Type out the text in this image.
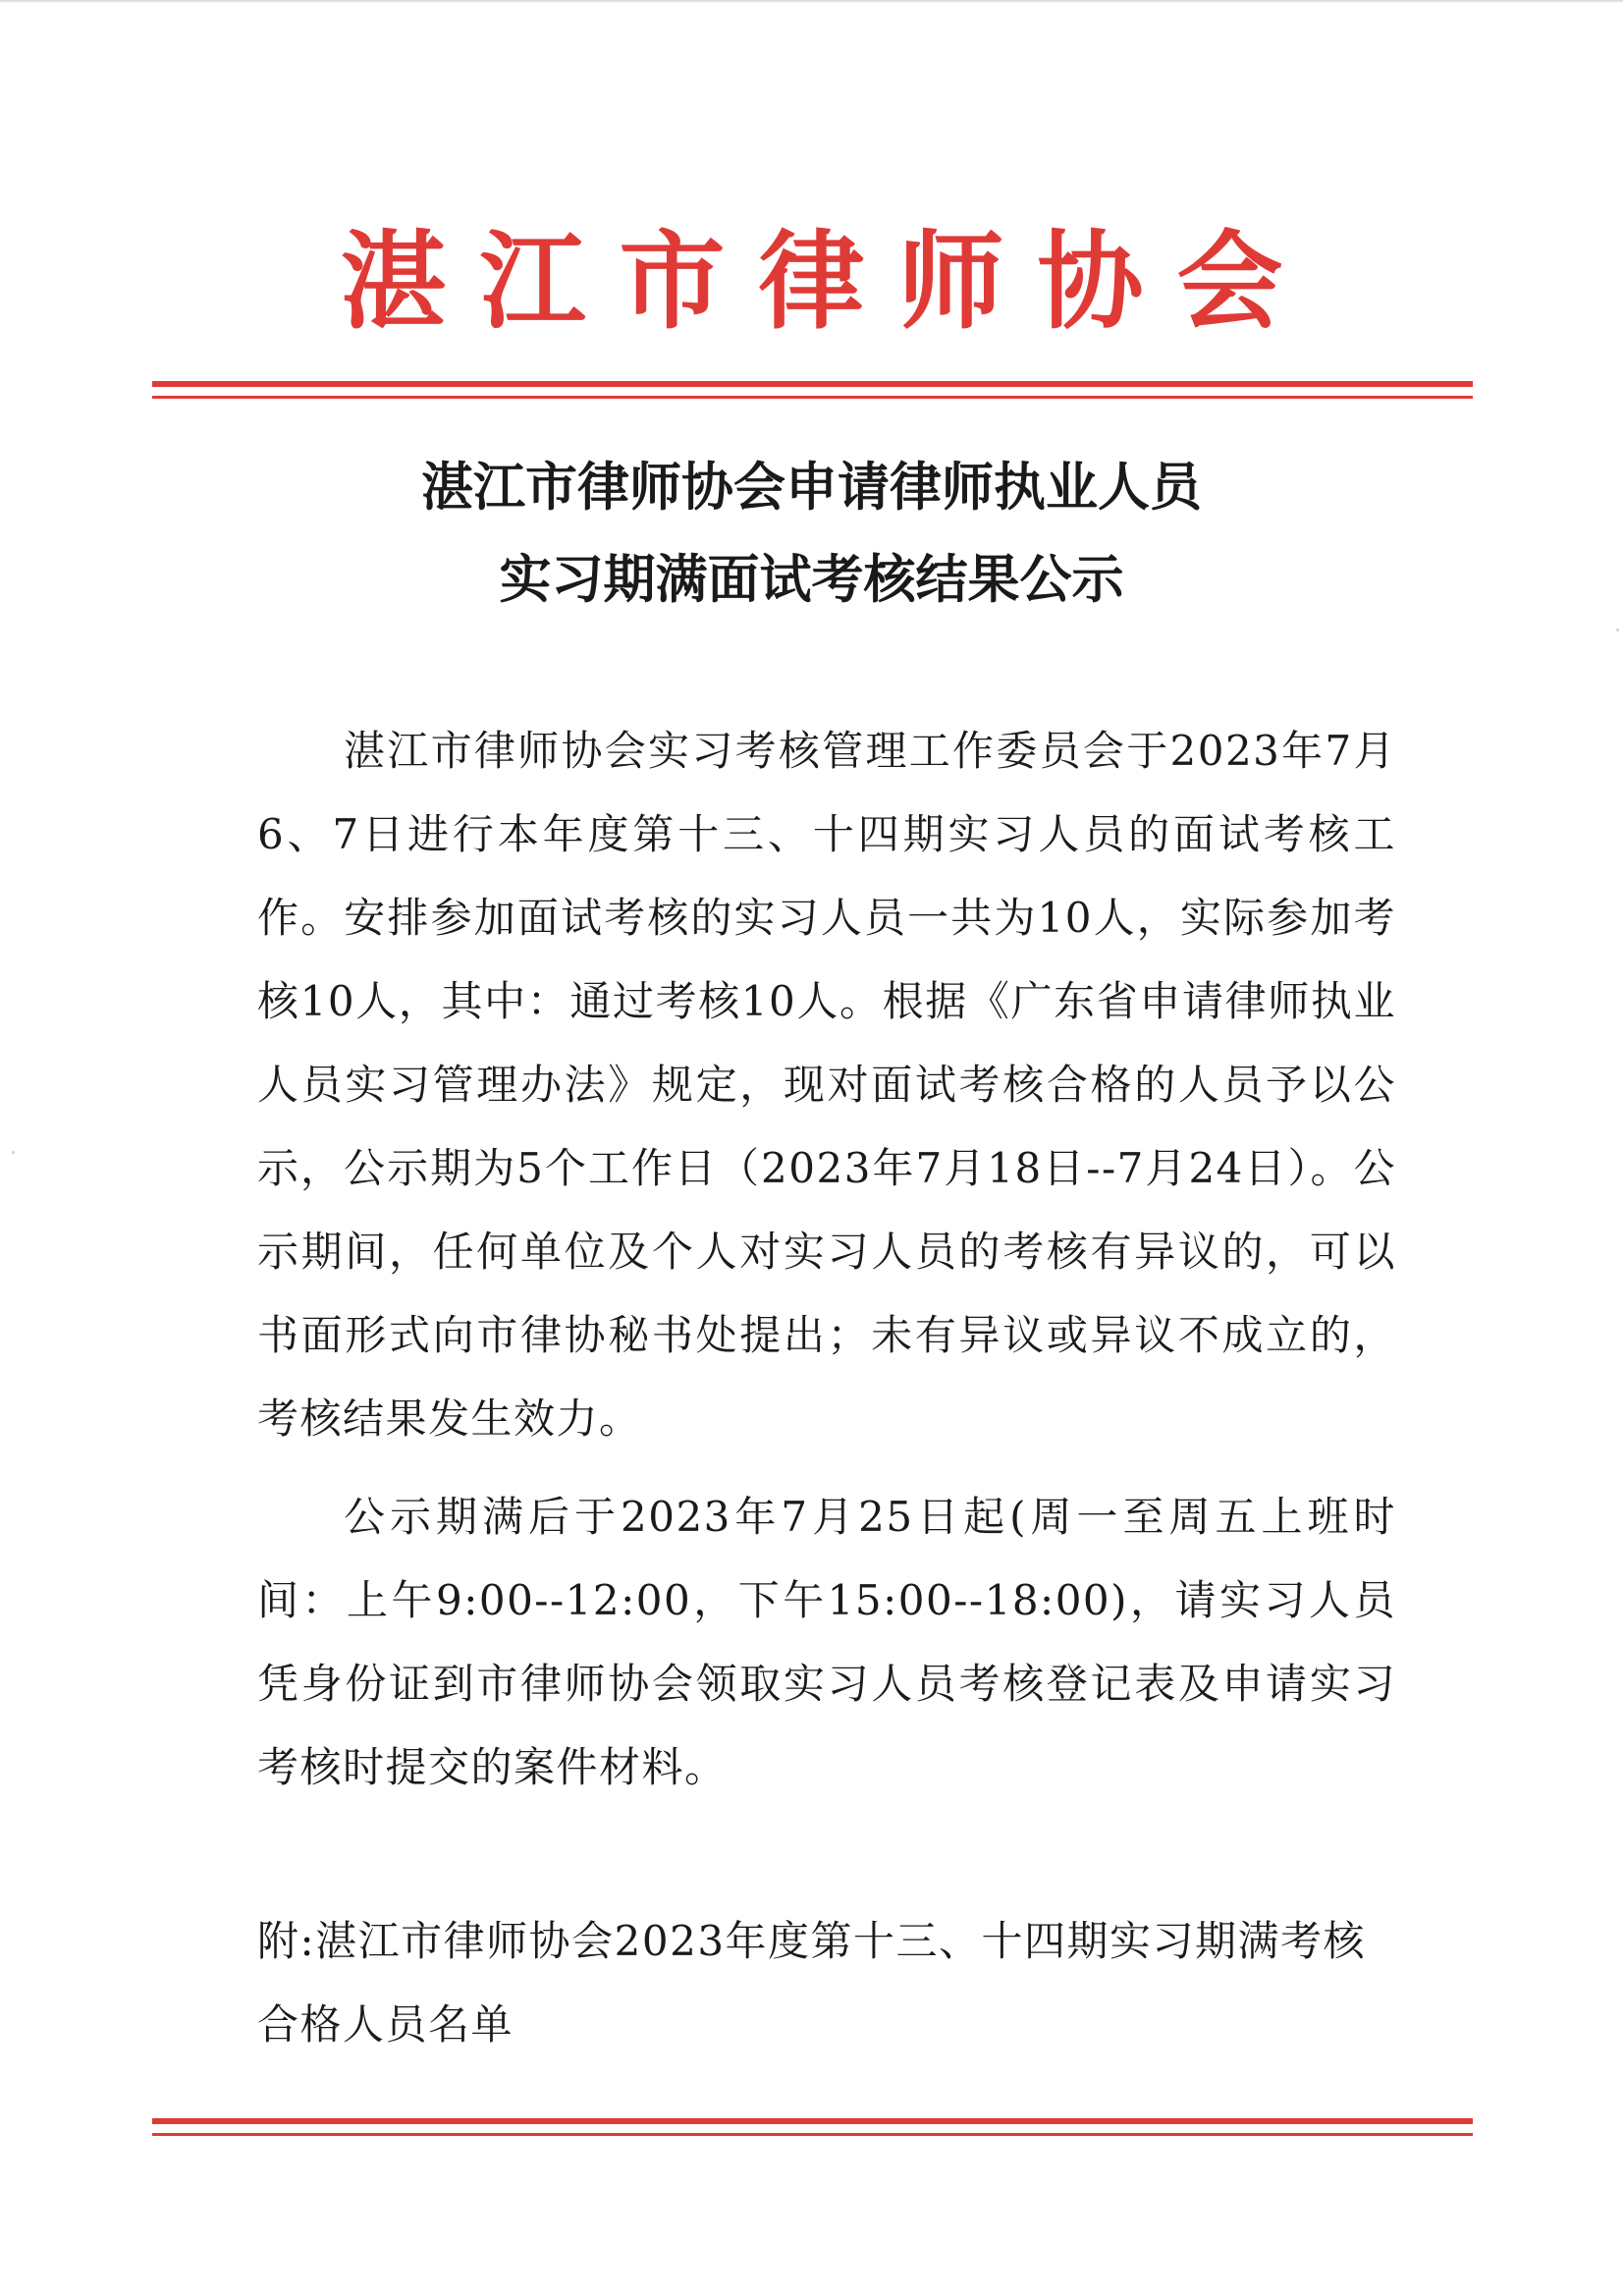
湛江市律师协会
湛江市律师协会申请律师执业人员
实习期满面试考核结果公示

湛江市律师协会实习考核管理工作委员会于2023年7月6、7日进行本年度第十三、十四期实习人员的面试考核工作。安排参加面试考核的实习人员一共为10人，实际参加考核10人，其中：通过考核10人。根据《广东省申请律师执业人员实习管理办法》规定，现对面试考核合格的人员予以公示，公示期为5个工作日（2023年7月18日--7月24日）。公示期间，任何单位及个人对实习人员的考核有异议的，可以书面形式向市律协秘书处提出；未有异议或异议不成立的，考核结果发生效力。

公示期满后于2023年7月25日起(周一至周五上班时间：上午9:00--12:00，下午15:00--18:00)，请实习人员凭身份证到市律师协会领取实习人员考核登记表及申请实习考核时提交的案件材料。

附:湛江市律师协会2023年度第十三、十四期实习期满考核合格人员名单
